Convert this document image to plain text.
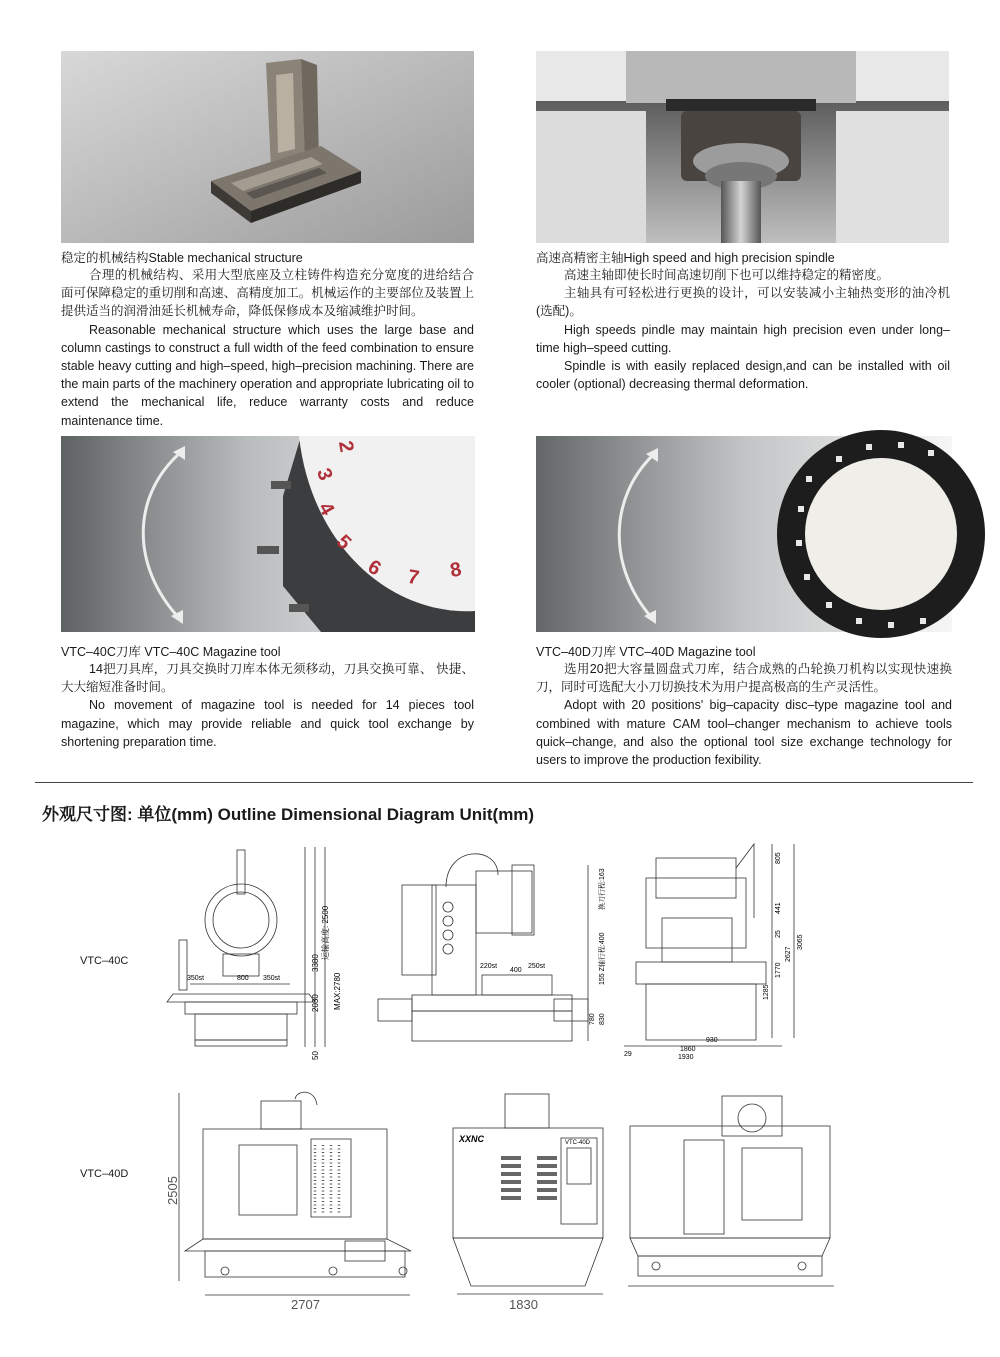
稳定的机械结构Stable mechanical structure

合理的机械结构、采用大型底座及立柱铸件构造充分宽度的进给结合面可保障稳定的重切削和高速、高精度加工。机械运作的主要部位及装置上提供适当的润滑油延长机械寿命，降低保修成本及缩减维护时间。

Reasonable mechanical structure which uses the large base and column castings to construct a full width of the feed combination to ensure stable heavy cutting and high–speed, high–precision machining. There are the main parts of the machinery operation and appropriate lubricating oil to extend the mechanical life, reduce warranty costs and reduce maintenance time.

高速高精密主轴High speed and high precision spindle

高速主轴即使长时间高速切削下也可以维持稳定的精密度。

主轴具有可轻松进行更换的设计，可以安装减小主轴热变形的油冷机(选配)。

High speeds pindle may maintain high precision even under long–time high–speed cutting.

Spindle is with easily replaced design,and can be installed with oil cooler (optional) decreasing thermal deformation.

2
3
4
5
6 7 8
VTC–40C刀库 VTC–40C Magazine tool

14把刀具库，刀具交换时刀库本体无须移动，刀具交换可靠、 快捷、大大缩短准备时间。

No movement of magazine tool is needed for 14 pieces tool magazine, which may provide reliable and quick tool exchange by shortening preparation time.

VTC–40D刀库 VTC–40D Magazine tool

选用20把大容量圆盘式刀库，结合成熟的凸轮换刀机构以实现快速换刀，同时可选配大小刀切换技术为用户提高极高的生产灵活性。

Adopt with 20 positions' big–capacity disc–type magazine tool and combined with mature CAM tool–changer mechanism to achieve tools quick–change, and also the optional tool size exchange technology for users to improve the production fexibility.

外观尺寸图: 单位(mm) Outline Dimensional Diagram Unit(mm)
VTC–40C
350st	800 350st
2030
3380
运输高度: 2500
MAX:2780
50
220st
400
250st
780 830
155 Z轴行程:400
换刀行程:163
805
441
25
1285
1770
2627
3065
29
930
1860
1930
VTC–40D
2505
2707
XXNC	VTC-40D
1830
